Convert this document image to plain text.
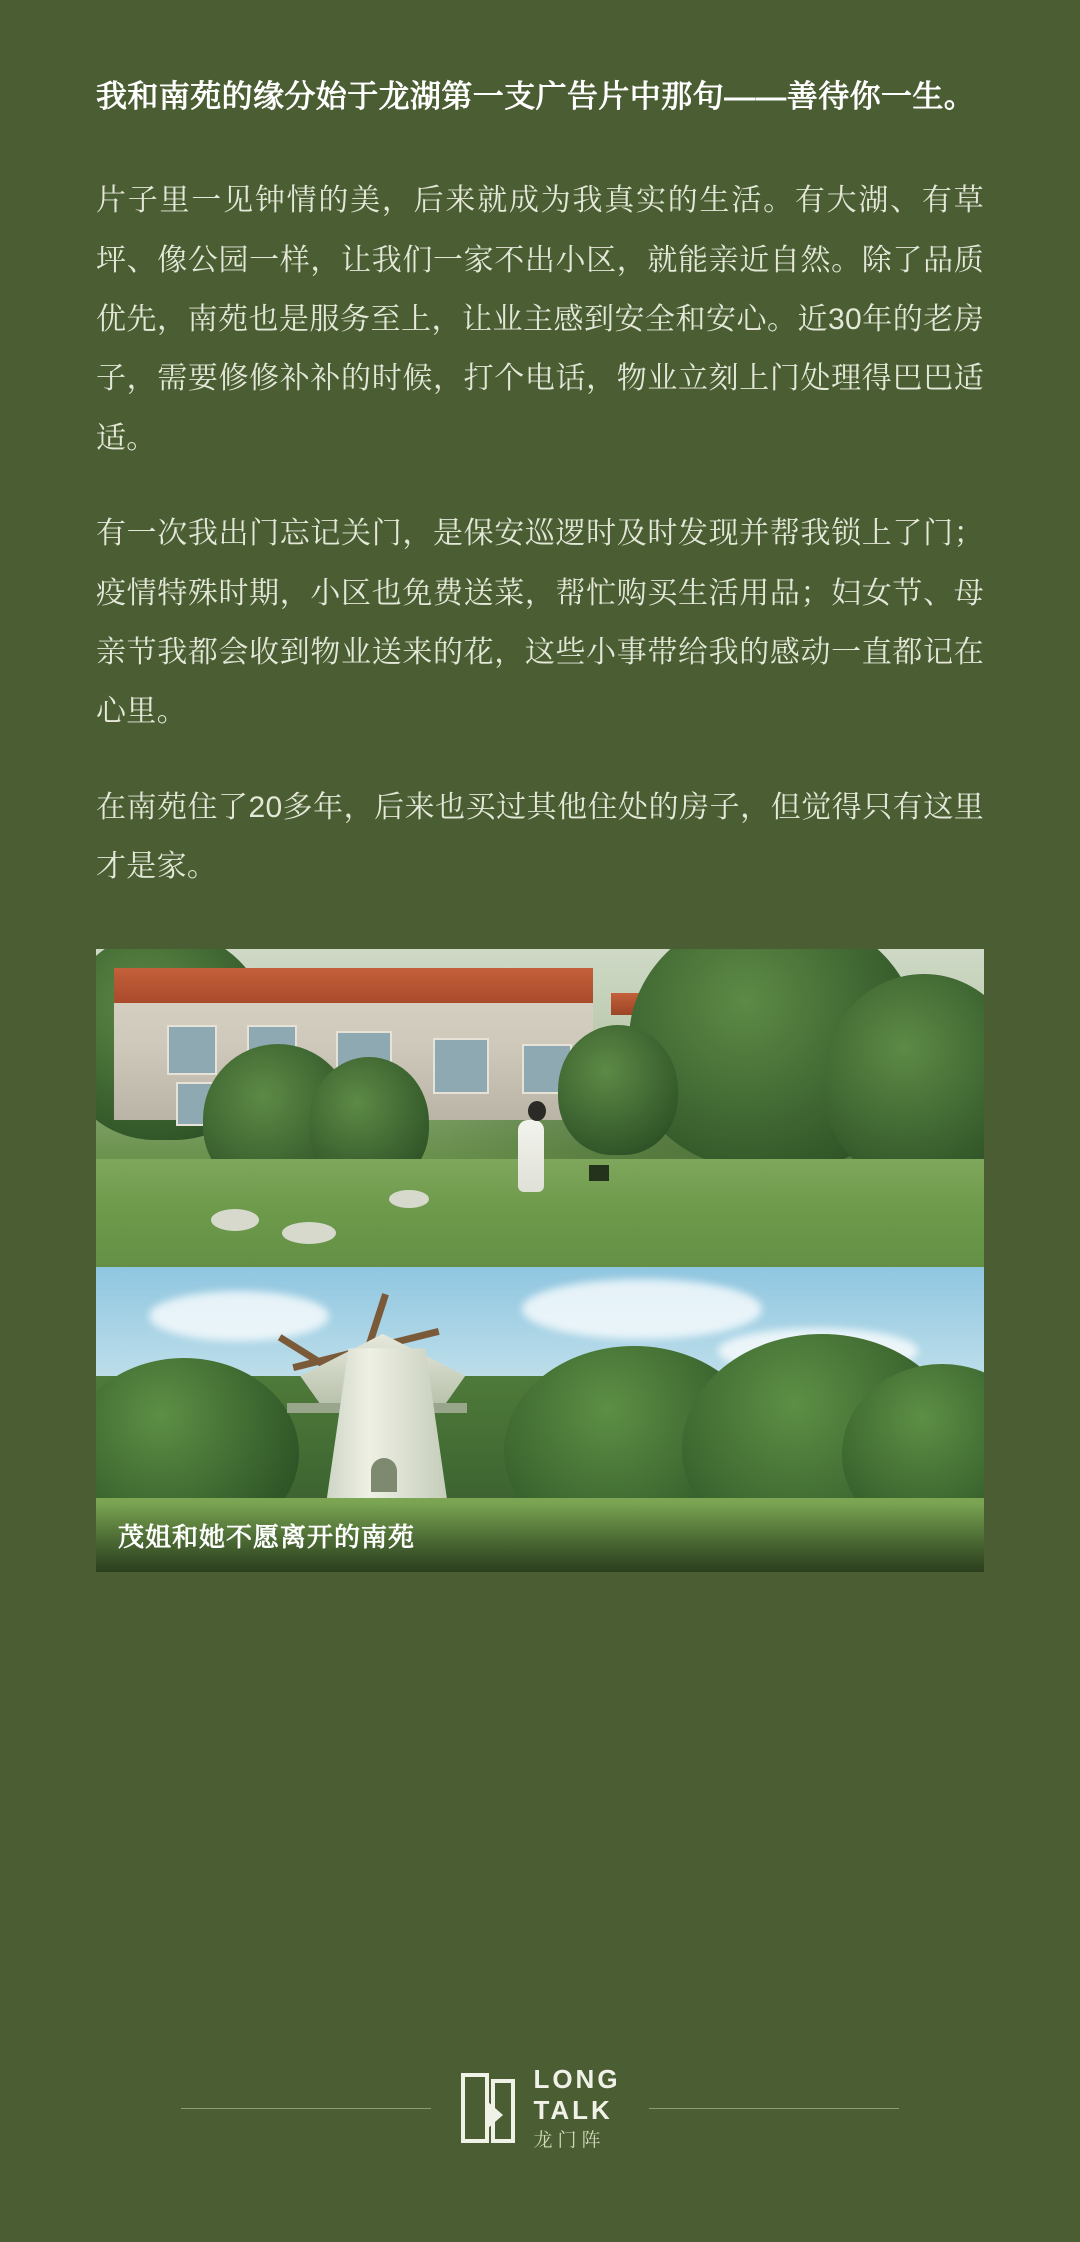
我和南苑的缘分始于龙湖第一支广告片中那句——善待你一生。

片子里一见钟情的美，后来就成为我真实的生活。有大湖、有草坪、像公园一样，让我们一家不出小区，就能亲近自然。除了品质优先，南苑也是服务至上，让业主感到安全和安心。近30年的老房子，需要修修补补的时候，打个电话，物业立刻上门处理得巴巴适适。

有一次我出门忘记关门，是保安巡逻时及时发现并帮我锁上了门；疫情特殊时期，小区也免费送菜，帮忙购买生活用品；妇女节、母亲节我都会收到物业送来的花，这些小事带给我的感动一直都记在心里。

在南苑住了20多年，后来也买过其他住处的房子，但觉得只有这里才是家。

茂姐和她不愿离开的南苑
LONG
TALK
龙门阵
